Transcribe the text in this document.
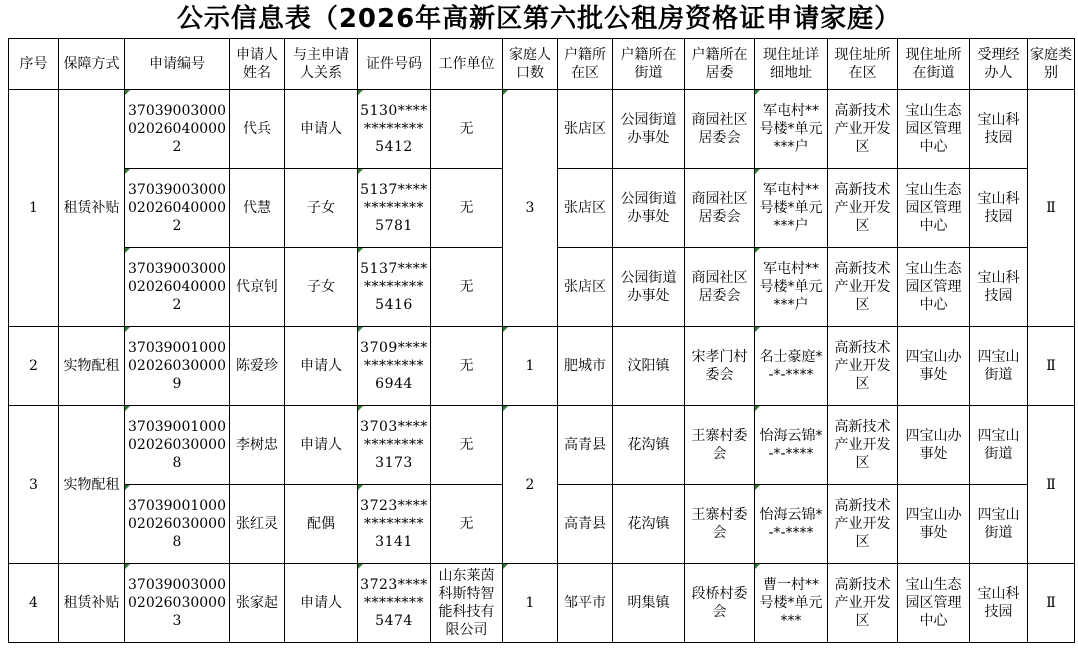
公示信息表（2026年高新区第六批公租房资格证申请家庭）
序号	保障方式	申请编号	申请人姓名	与主申请人关系	证件号码	工作单位	家庭人口数	户籍所在区	户籍所在街道	户籍所在居委	现住址详细地址	现住址所在区	现住址所在街道	受理经办人	家庭类别
1	租赁补贴	37039003000020260400002	代兵	申请人	5130************5412	无	3	张店区	公园街道办事处	商园社区居委会	军屯村**号楼*单元***户	高新技术产业开发区	宝山生态园区管理中心	宝山科技园	Ⅱ
		37039003000020260400002	代慧	子女	5137************5781	无		张店区	公园街道办事处	商园社区居委会	军屯村**号楼*单元***户	高新技术产业开发区	宝山生态园区管理中心	宝山科技园	
		37039003000020260400002	代京钊	子女	5137************5416	无		张店区	公园街道办事处	商园社区居委会	军屯村**号楼*单元***户	高新技术产业开发区	宝山生态园区管理中心	宝山科技园	
2	实物配租	37039001000020260300009	陈爱珍	申请人	3709************6944	无	1	肥城市	汶阳镇	宋孝门村委会	名士豪庭*-*-****	高新技术产业开发区	四宝山办事处	四宝山街道	Ⅱ
3	实物配租	37039001000020260300008	李树忠	申请人	3703************3173	无	2	高青县	花沟镇	王寨村委会	怡海云锦*-*-****	高新技术产业开发区	四宝山办事处	四宝山街道	Ⅱ
		37039001000020260300008	张红灵	配偶	3723************3141	无		高青县	花沟镇	王寨村委会	怡海云锦*-*-****	高新技术产业开发区	四宝山办事处	四宝山街道	
4	租赁补贴	37039003000020260300003	张家起	申请人	3723************5474	山东莱茵科斯特智能科技有限公司	1	邹平市	明集镇	段桥村委会	曹一村**号楼*单元***	高新技术产业开发区	宝山生态园区管理中心	宝山科技园	Ⅱ
